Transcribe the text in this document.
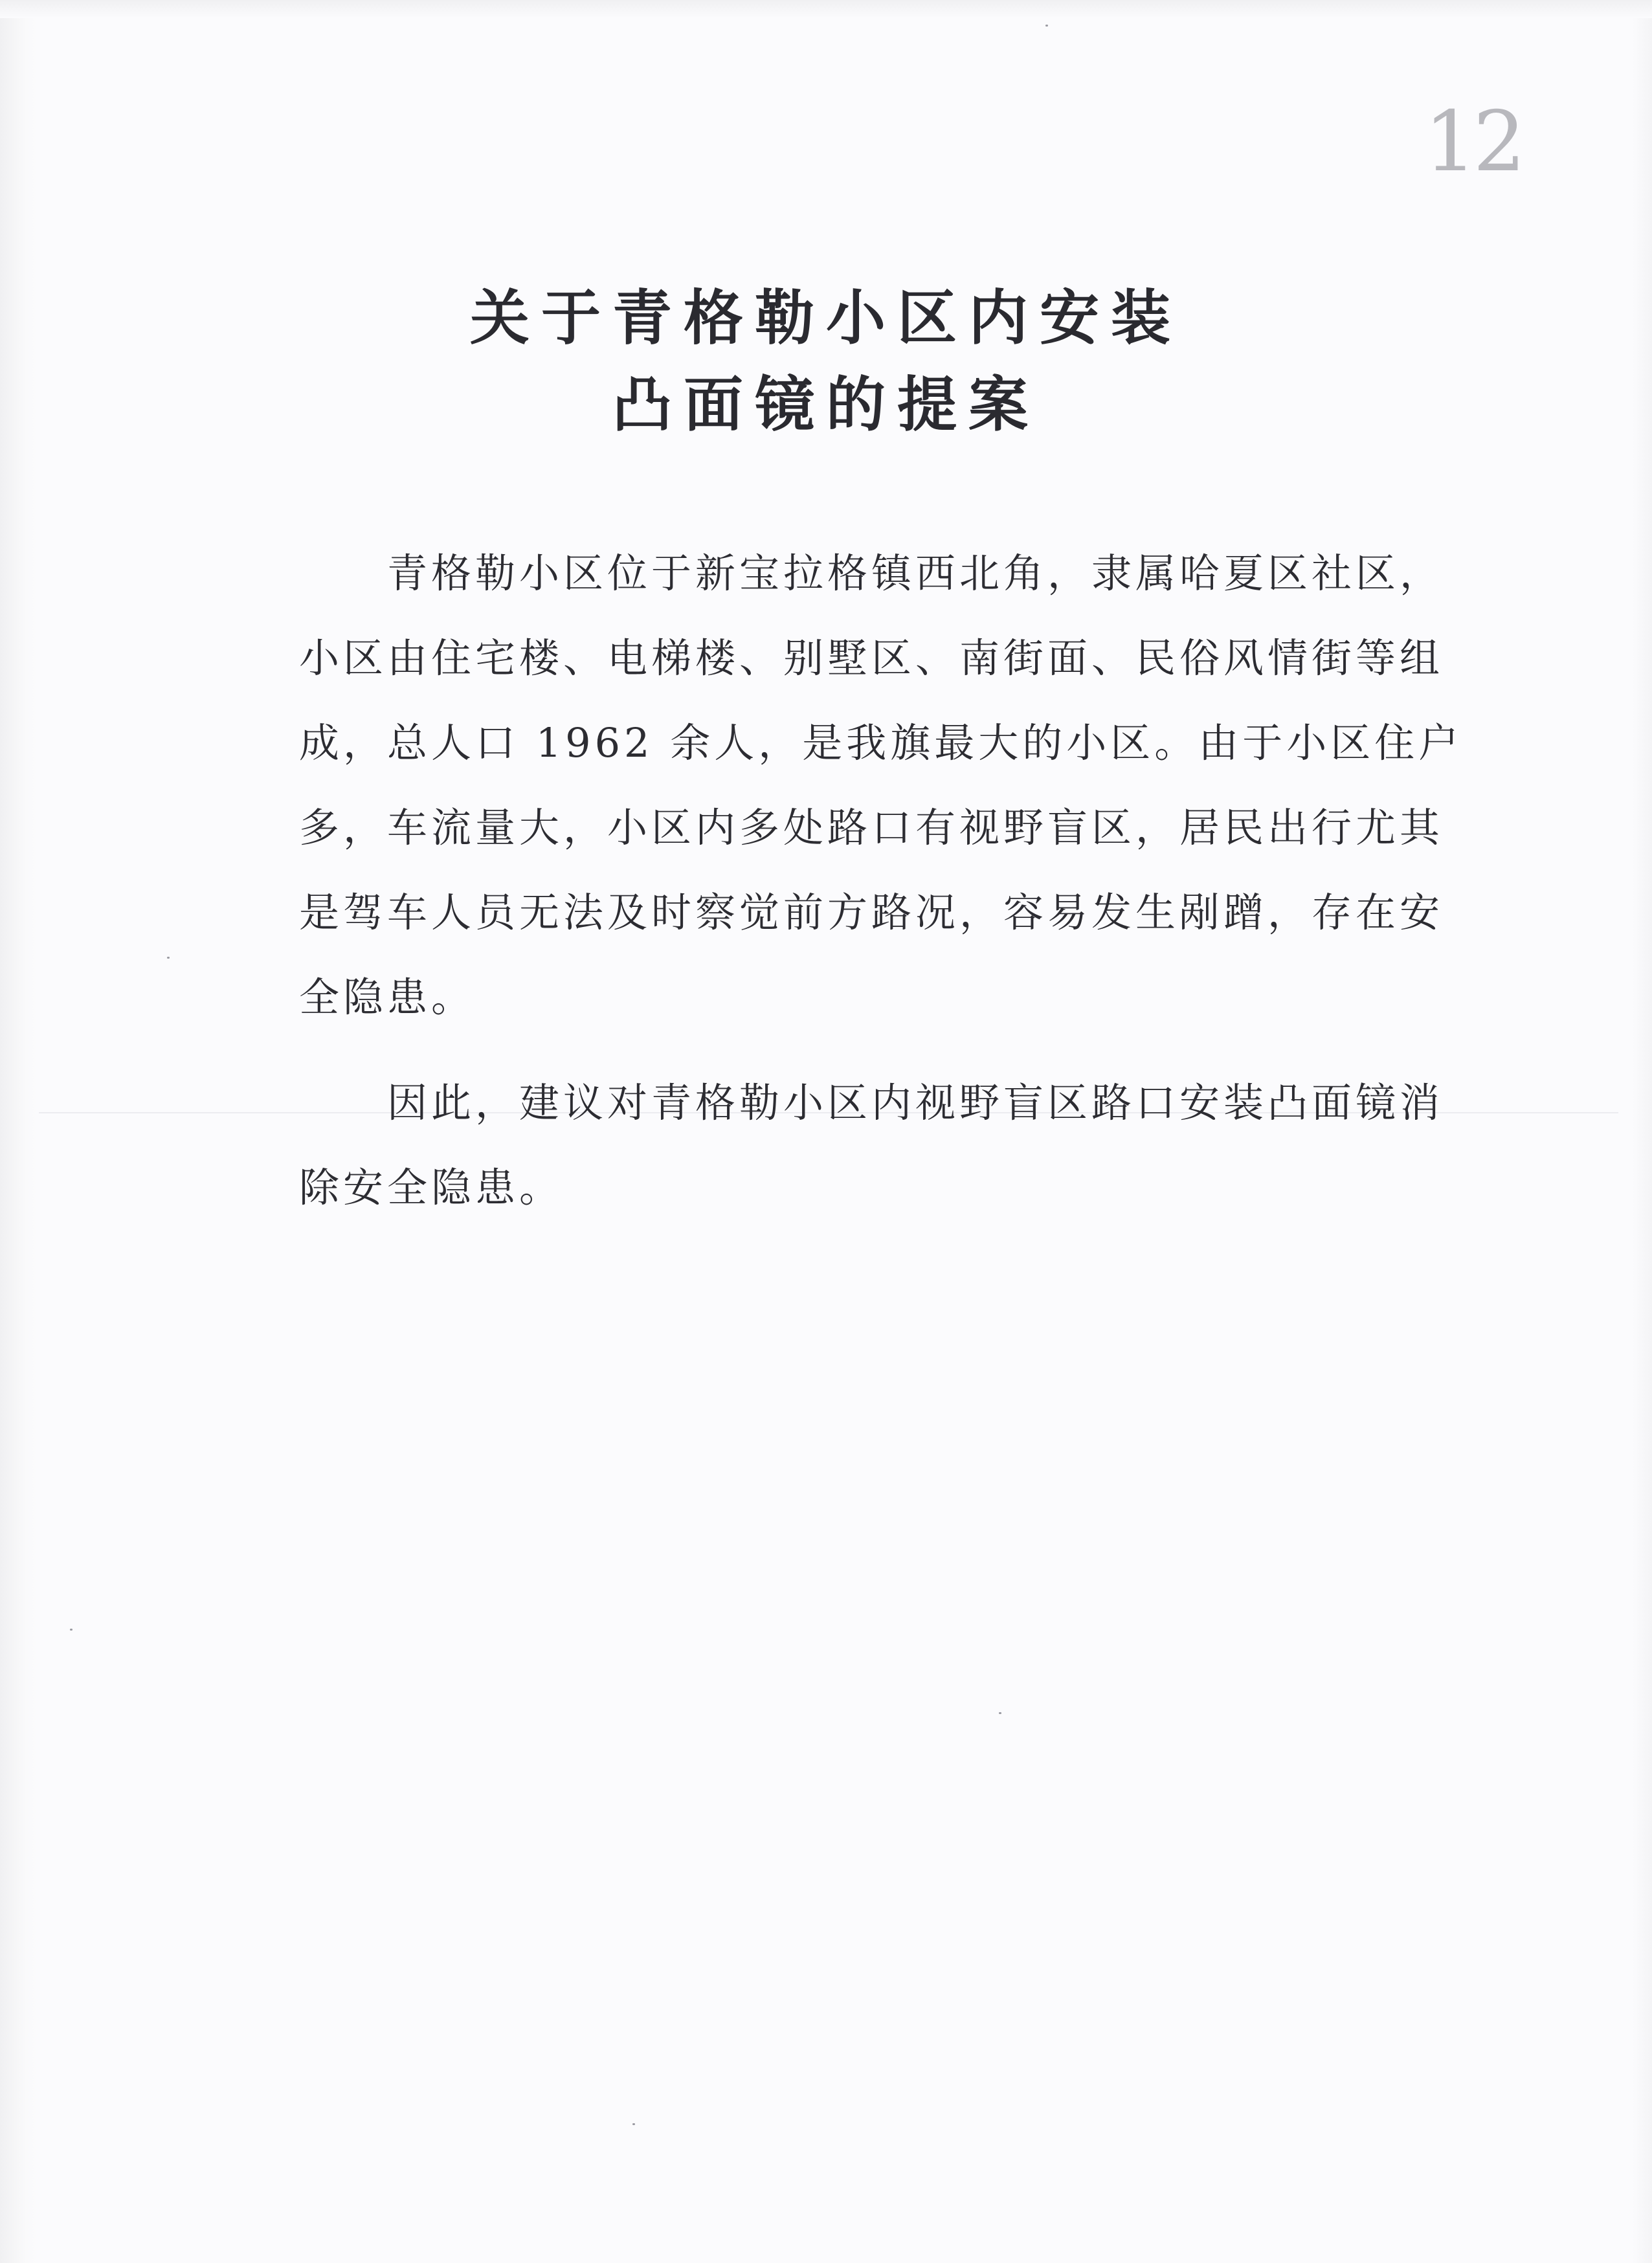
12
关于青格勒小区内安装
凸面镜的提案
青格勒小区位于新宝拉格镇西北角，隶属哈夏区社区，
小区由住宅楼、电梯楼、别墅区、南街面、民俗风情街等组
成，总人口 1962 余人，是我旗最大的小区。由于小区住户
多，车流量大，小区内多处路口有视野盲区，居民出行尤其
是驾车人员无法及时察觉前方路况，容易发生剐蹭，存在安
全隐患。
因此，建议对青格勒小区内视野盲区路口安装凸面镜消
除安全隐患。
